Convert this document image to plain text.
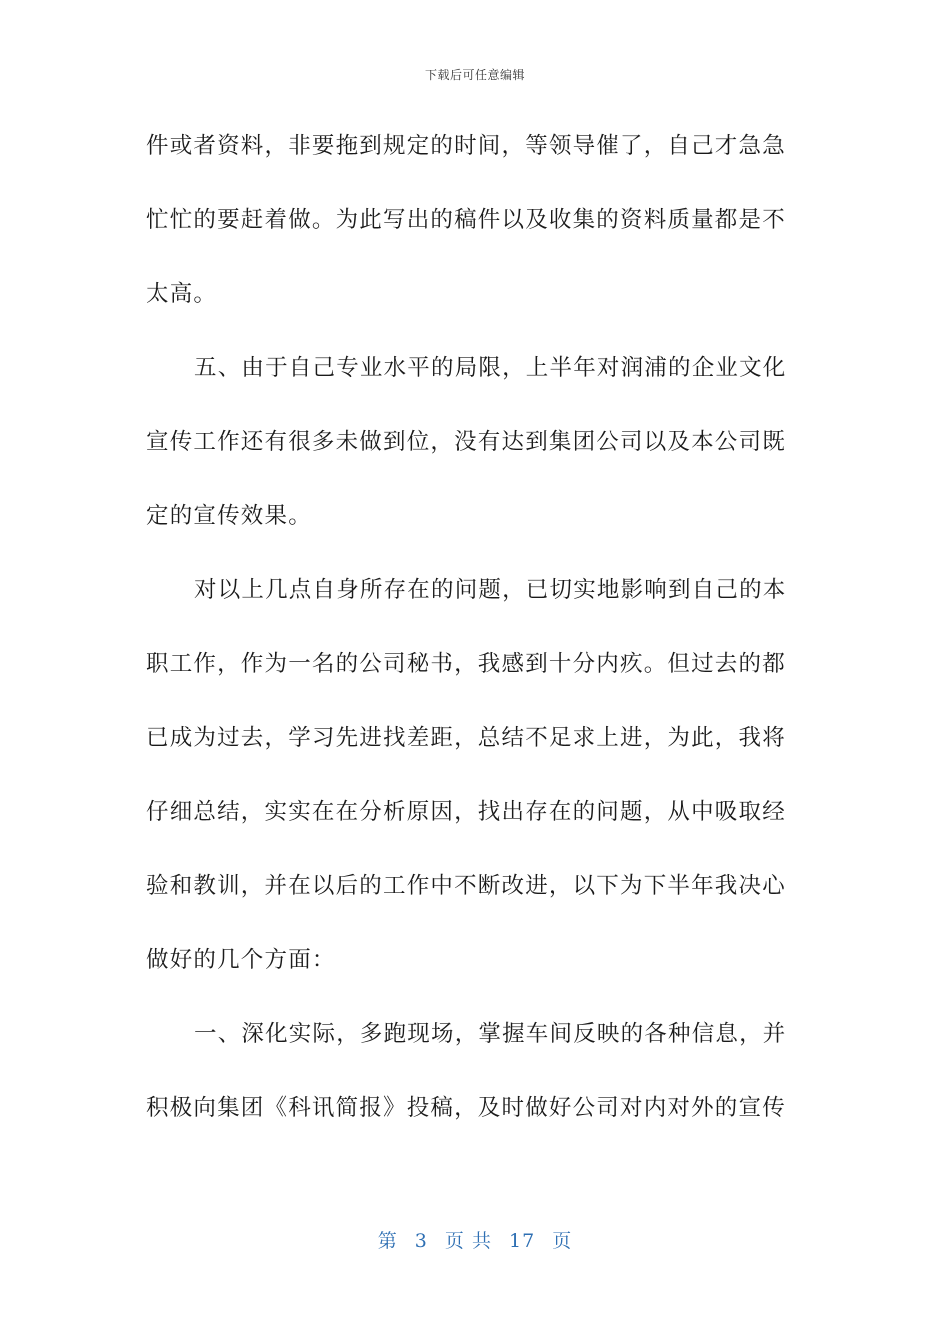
下载后可任意编辑
件或者资料，非要拖到规定的时间，等领导催了，自己才急急
忙忙的要赶着做。为此写出的稿件以及收集的资料质量都是不
太高。
五、由于自己专业水平的局限，上半年对润浦的企业文化
宣传工作还有很多未做到位，没有达到集团公司以及本公司既
定的宣传效果。
对以上几点自身所存在的问题，已切实地影响到自己的本
职工作，作为一名的公司秘书，我感到十分内疚。但过去的都
已成为过去，学习先进找差距，总结不足求上进，为此，我将
仔细总结，实实在在分析原因，找出存在的问题，从中吸取经
验和教训，并在以后的工作中不断改进，以下为下半年我决心
做好的几个方面：
一、深化实际，多跑现场，掌握车间反映的各种信息，并
积极向集团《科讯简报》投稿，及时做好公司对内对外的宣传
第 3 页 共 17 页
